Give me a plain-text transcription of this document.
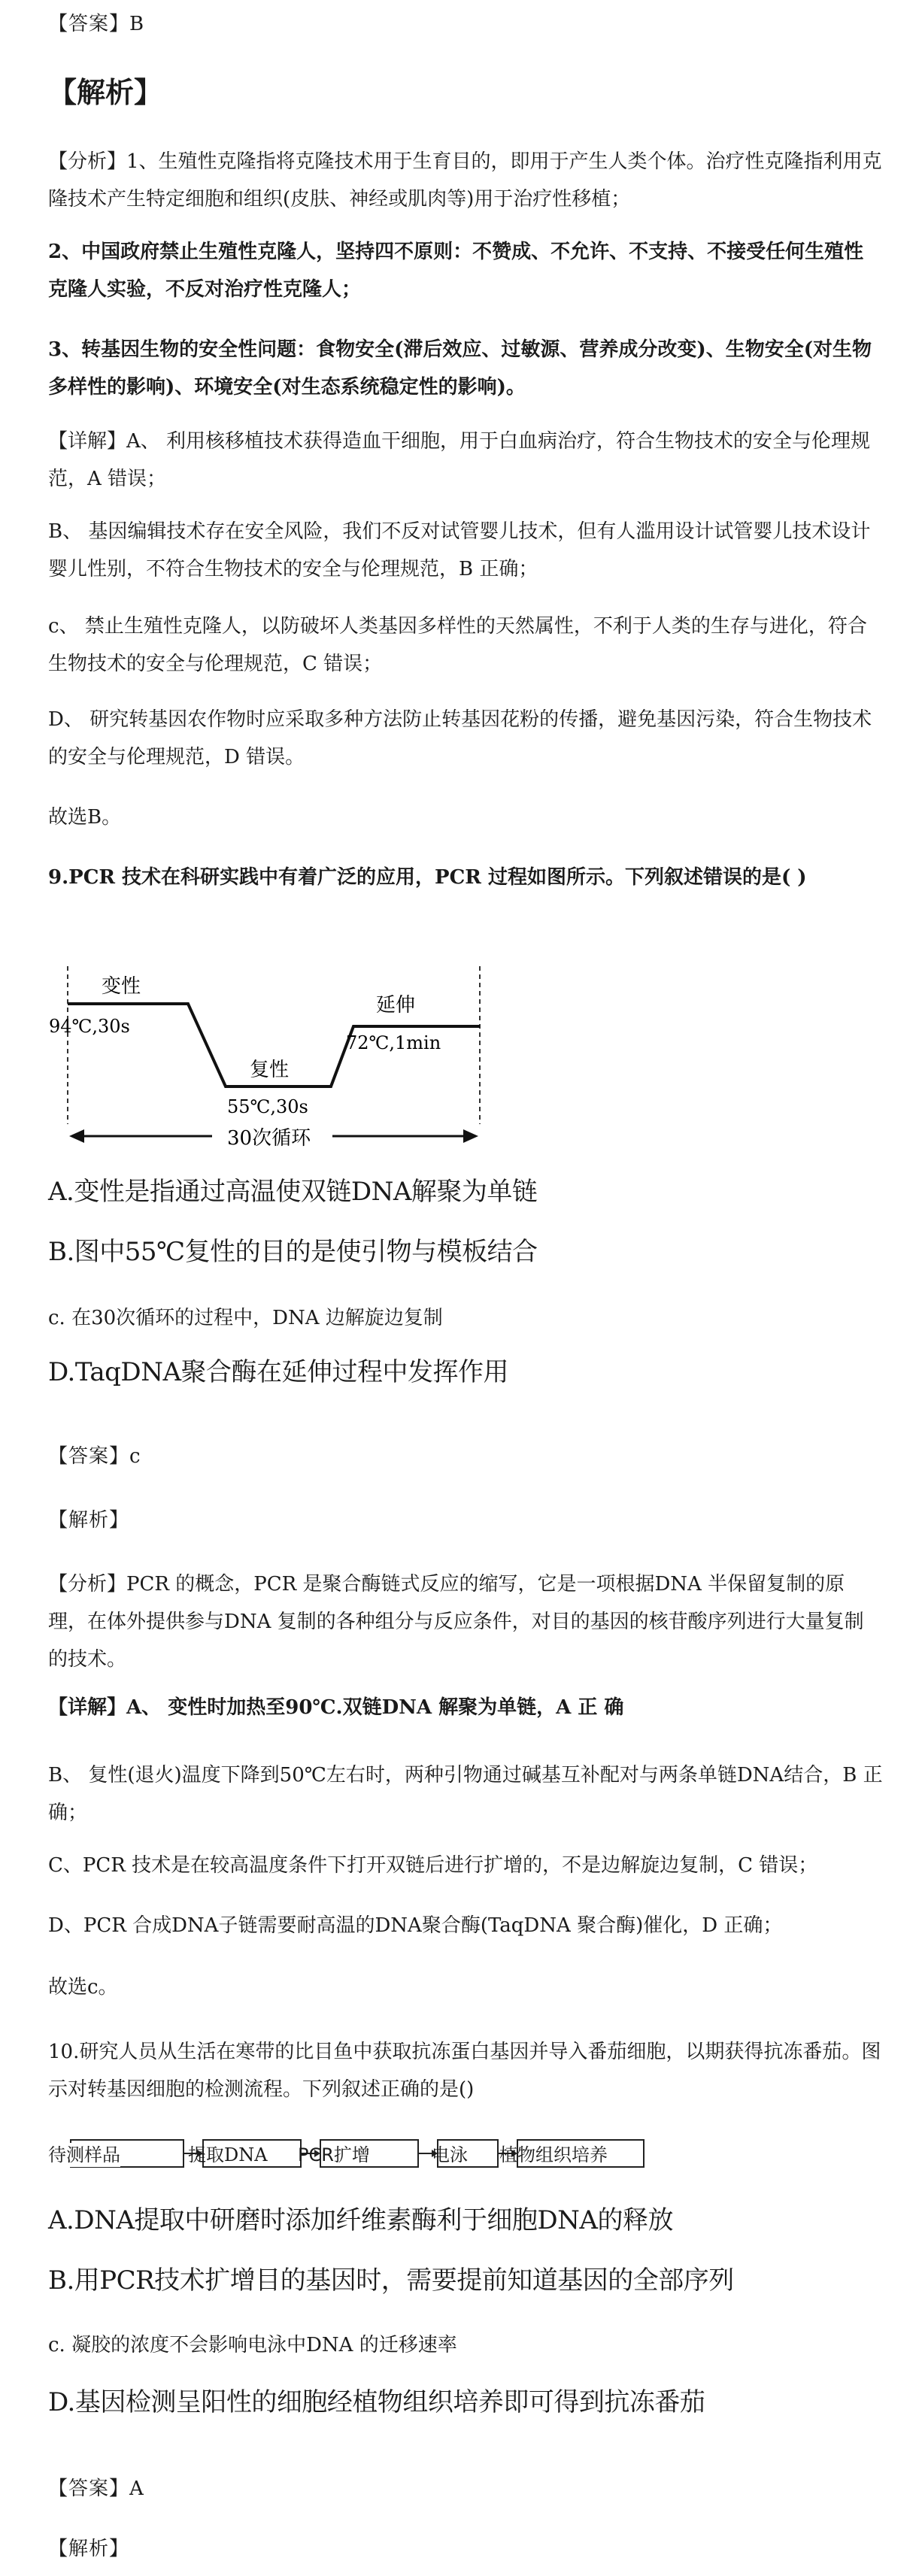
【答案】B

【解析】

【分析】1、生殖性克隆指将克隆技术用于生育目的，即用于产生人类个体。治疗性克隆指利用克隆技术产生特定细胞和组织(皮肤、神经或肌肉等)用于治疗性移植；

2、中国政府禁止生殖性克隆人，坚持四不原则：不赞成、不允许、不支持、不接受任何生殖性克隆人实验，不反对治疗性克隆人；

3、转基因生物的安全性问题：食物安全(滞后效应、过敏源、营养成分改变)、生物安全(对生物多样性的影响)、环境安全(对生态系统稳定性的影响)。

【详解】A、 利用核移植技术获得造血干细胞，用于白血病治疗，符合生物技术的安全与伦理规范，A 错误；

B、 基因编辑技术存在安全风险，我们不反对试管婴儿技术，但有人滥用设计试管婴儿技术设计婴儿性别，不符合生物技术的安全与伦理规范，B 正确；

c、 禁止生殖性克隆人，以防破坏人类基因多样性的天然属性，不利于人类的生存与进化，符合生物技术的安全与伦理规范，C 错误；

D、 研究转基因农作物时应采取多种方法防止转基因花粉的传播，避免基因污染，符合生物技术的安全与伦理规范，D 错误。

故选B。

9.PCR 技术在科研实践中有着广泛的应用，PCR 过程如图所示。下列叙述错误的是( )

变性
94℃,30s
复性
55℃,30s
延伸
72℃,1min
30次循环

A.变性是指通过高温使双链DNA解聚为单链

B.图中55℃复性的目的是使引物与模板结合

c. 在30次循环的过程中，DNA 边解旋边复制

D.TaqDNA聚合酶在延伸过程中发挥作用

【答案】c

【解析】

【分析】PCR 的概念，PCR 是聚合酶链式反应的缩写，它是一项根据DNA 半保留复制的原理，在体外提供参与DNA 复制的各种组分与反应条件，对目的基因的核苷酸序列进行大量复制的技术。

【详解】A、 变性时加热至90℃.双链DNA 解聚为单链，A 正 确

B、 复性(退火)温度下降到50℃左右时，两种引物通过碱基互补配对与两条单链DNA结合，B 正确；

C、PCR 技术是在较高温度条件下打开双链后进行扩增的，不是边解旋边复制，C 错误；

D、PCR 合成DNA子链需要耐高温的DNA聚合酶(TaqDNA 聚合酶)催化，D 正确；

故选c。

10.研究人员从生活在寒带的比目鱼中获取抗冻蛋白基因并导入番茄细胞，以期获得抗冻番茄。图示对转基因细胞的检测流程。下列叙述正确的是()

待测样品	提取DNA PCR扩增	电泳 植物组织培养

A.DNA提取中研磨时添加纤维素酶利于细胞DNA的释放

B.用PCR技术扩增目的基因时，需要提前知道基因的全部序列

c. 凝胶的浓度不会影响电泳中DNA 的迁移速率

D.基因检测呈阳性的细胞经植物组织培养即可得到抗冻番茄

【答案】A

【解析】
